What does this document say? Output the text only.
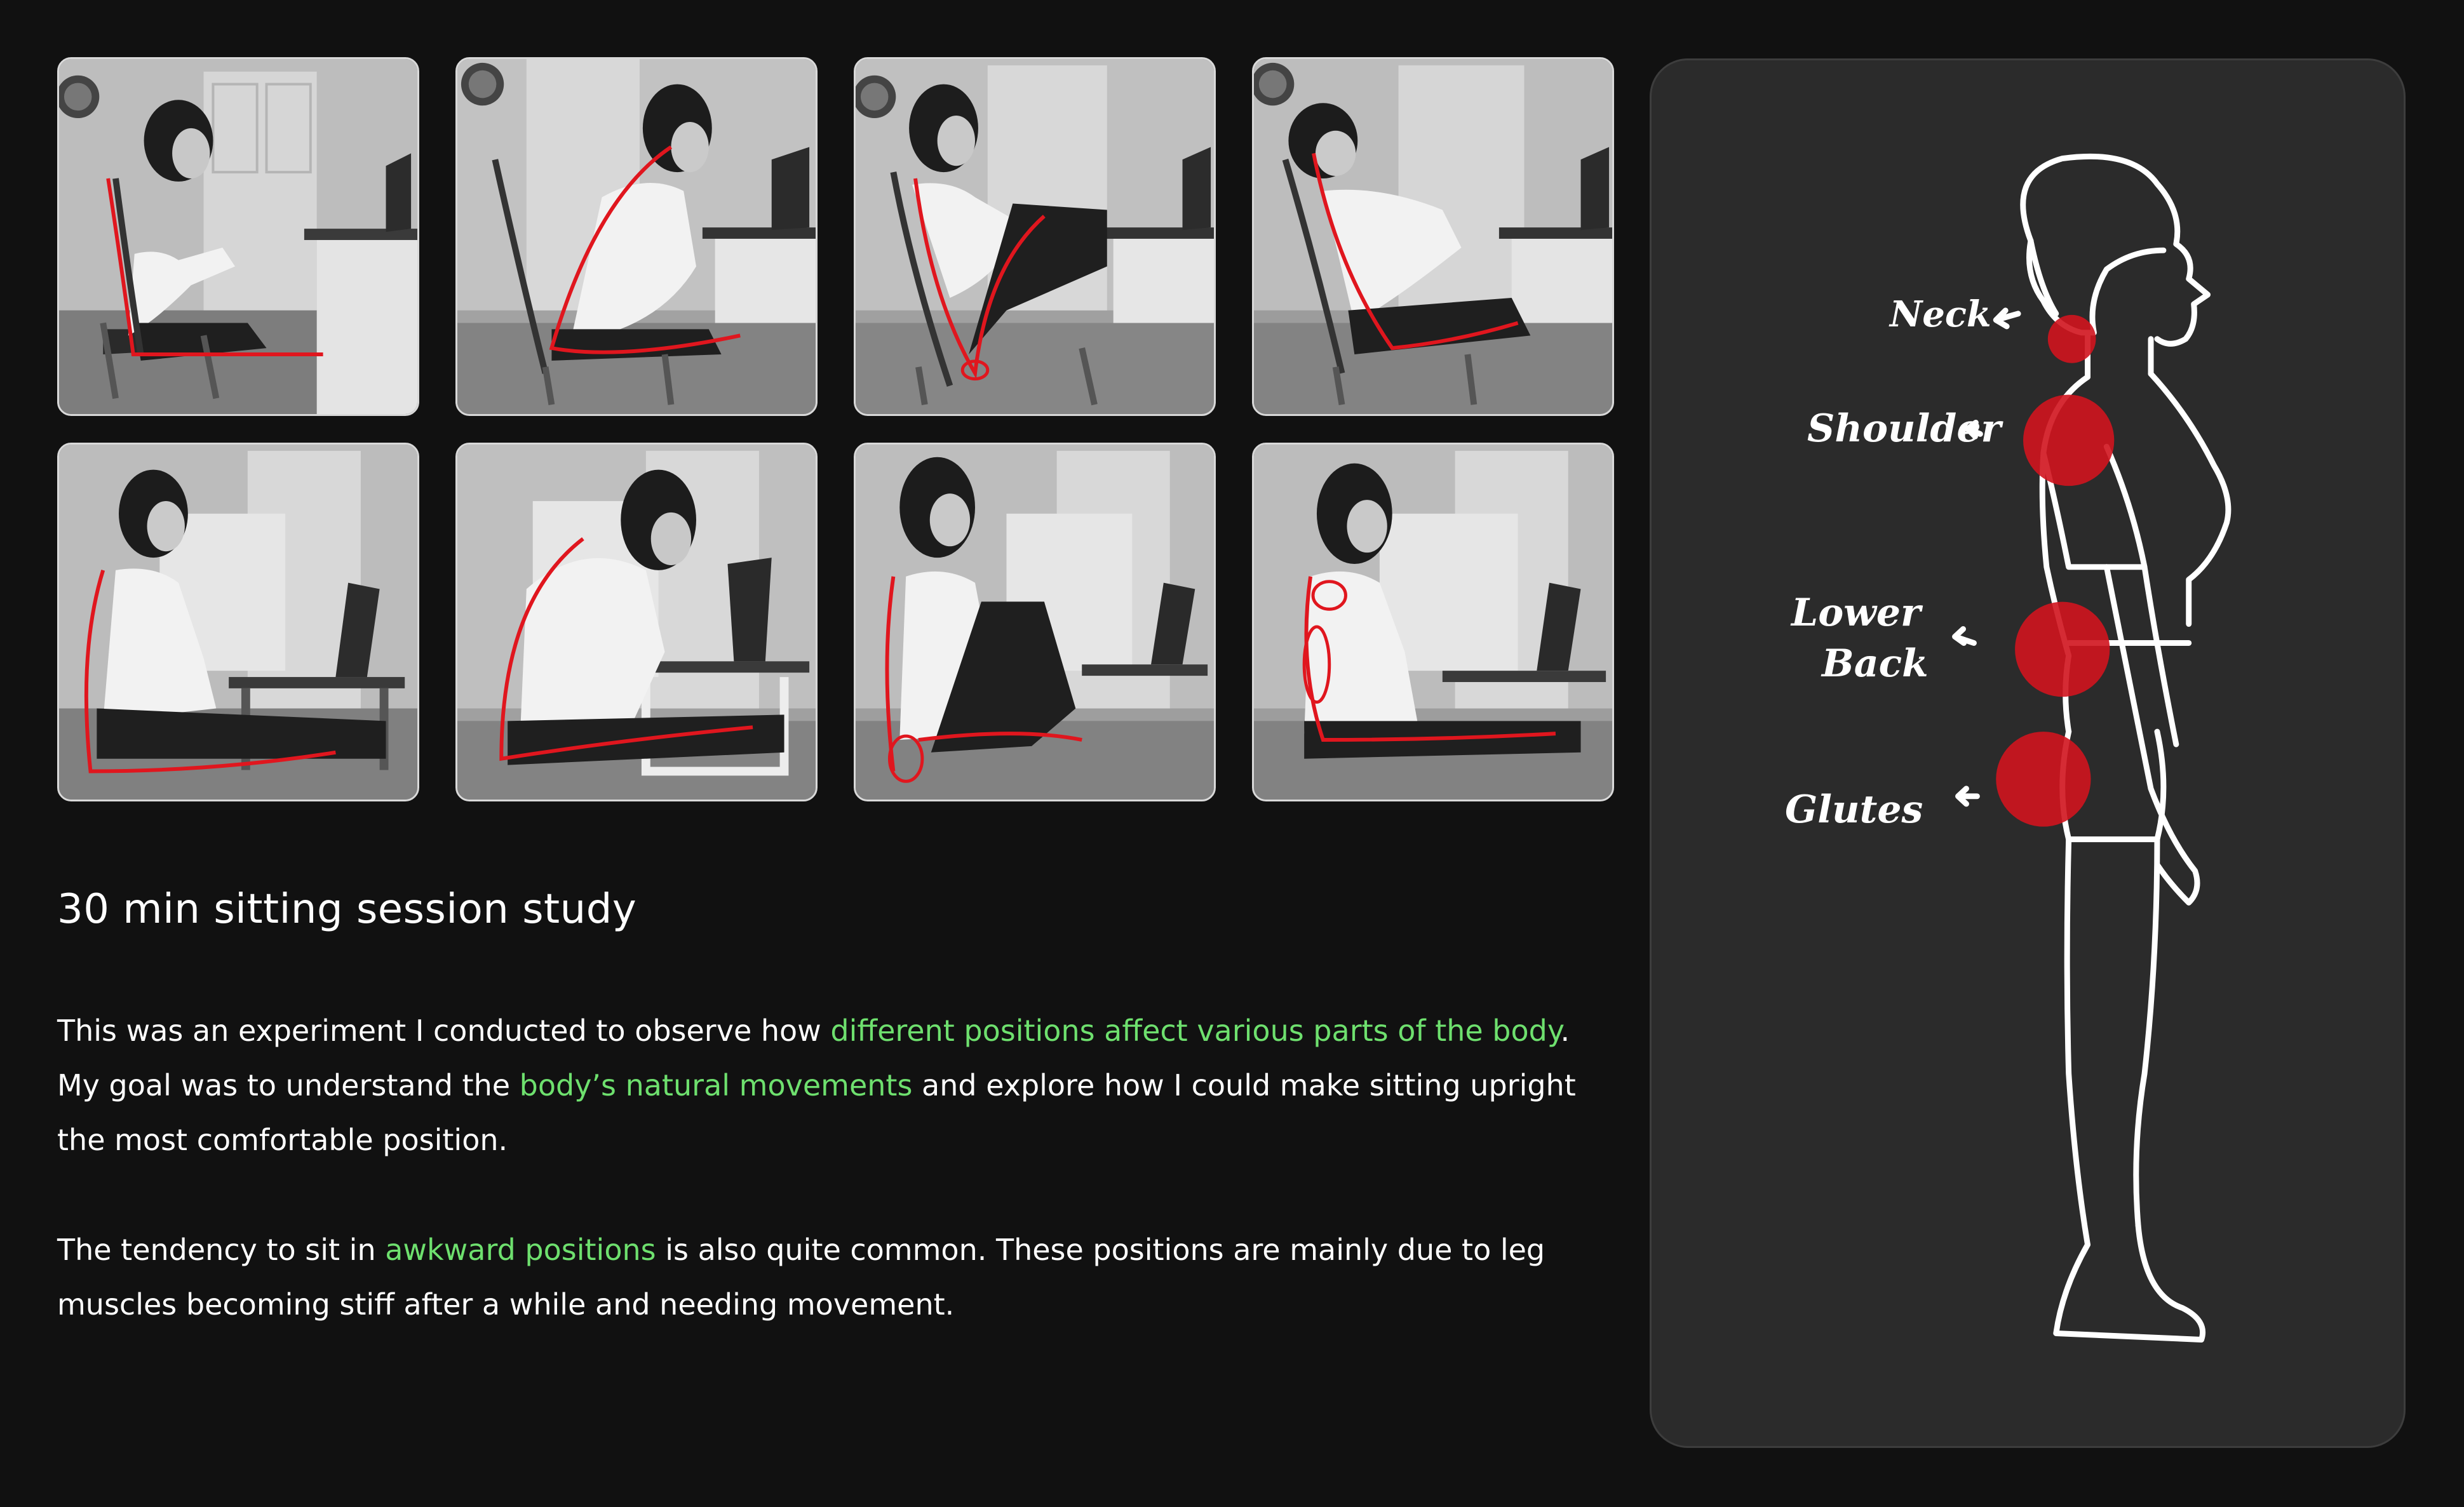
30 min sitting session study

This was an experiment I conducted to observe how different positions affect various parts of the body.
My goal was to understand the body’s natural movements and explore how I could make sitting upright
the most comfortable position.

The tendency to sit in awkward positions is also quite common. These positions are mainly due to leg
muscles becoming stiff after a while and needing movement.

Neck
Shoulder
Lower
Back
Glutes
